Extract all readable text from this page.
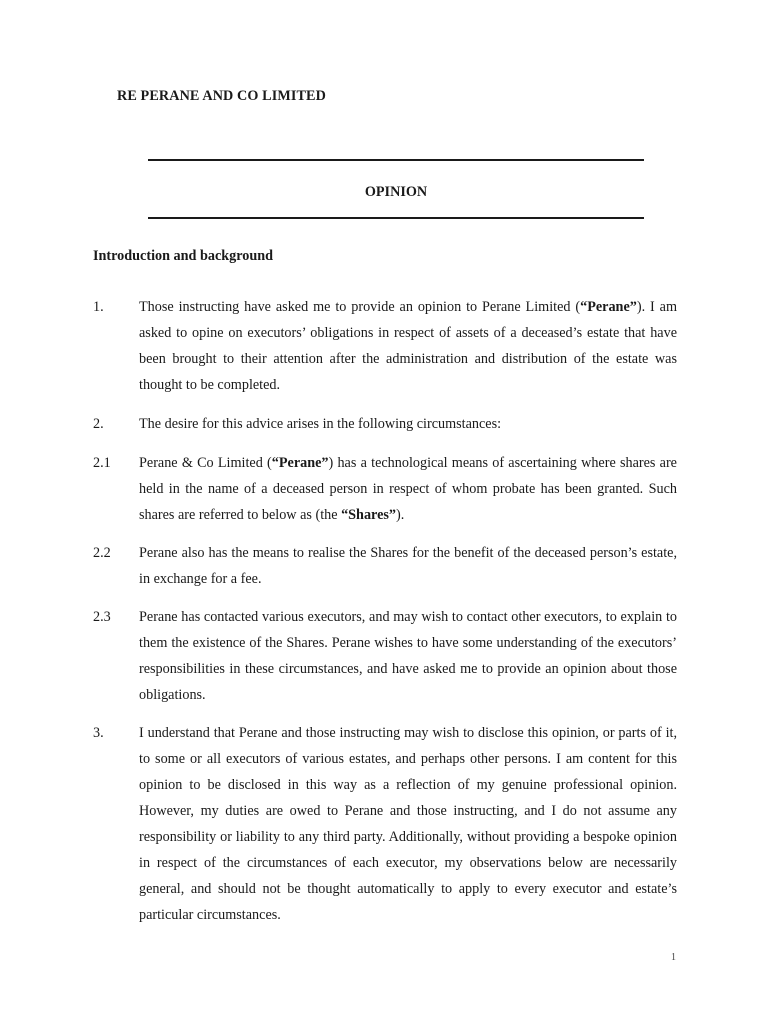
RE PERANE AND CO LIMITED
OPINION
Introduction and background
1.	Those instructing have asked me to provide an opinion to Perane Limited (“Perane”). I am asked to opine on executors’ obligations in respect of assets of a deceased’s estate that have been brought to their attention after the administration and distribution of the estate was thought to be completed.
2.	The desire for this advice arises in the following circumstances:
2.1	Perane & Co Limited (“Perane”) has a technological means of ascertaining where shares are held in the name of a deceased person in respect of whom probate has been granted. Such shares are referred to below as (the “Shares”).
2.2	Perane also has the means to realise the Shares for the benefit of the deceased person’s estate, in exchange for a fee.
2.3	Perane has contacted various executors, and may wish to contact other executors, to explain to them the existence of the Shares. Perane wishes to have some understanding of the executors’ responsibilities in these circumstances, and have asked me to provide an opinion about those obligations.
3.	I understand that Perane and those instructing may wish to disclose this opinion, or parts of it, to some or all executors of various estates, and perhaps other persons. I am content for this opinion to be disclosed in this way as a reflection of my genuine professional opinion. However, my duties are owed to Perane and those instructing, and I do not assume any responsibility or liability to any third party. Additionally, without providing a bespoke opinion in respect of the circumstances of each executor, my observations below are necessarily general, and should not be thought automatically to apply to every executor and estate’s particular circumstances.
1
